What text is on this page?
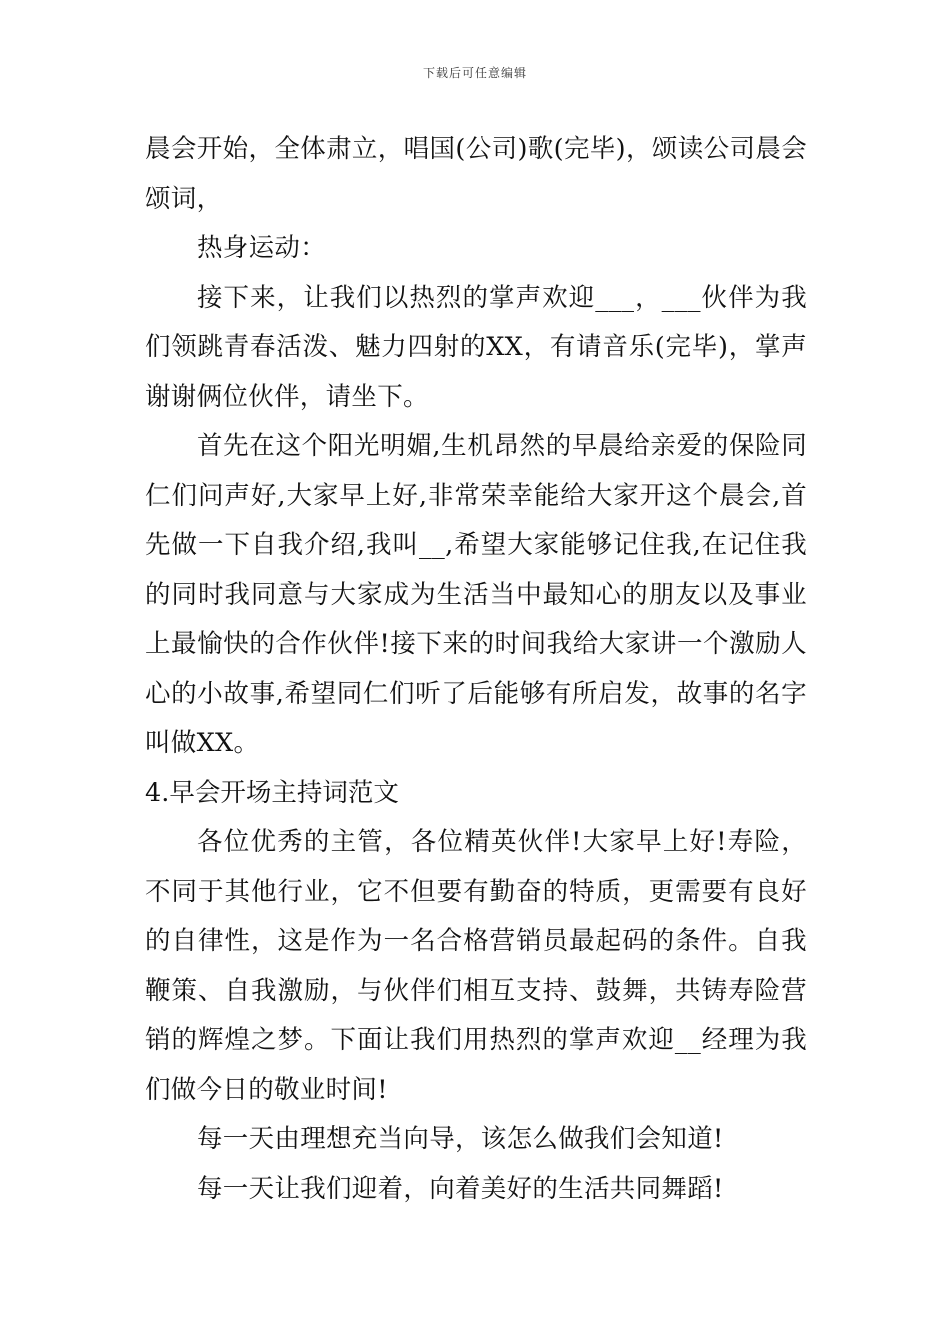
下载后可任意编辑

晨会开始，全体肃立，唱国(公司)歌(完毕)，颂读公司晨会颂词，

热身运动：

接下来，让我们以热烈的掌声欢迎___，___伙伴为我们领跳青春活泼、魅力四射的XX，有请音乐(完毕)，掌声谢谢俩位伙伴，请坐下。

首先在这个阳光明媚,生机昂然的早晨给亲爱的保险同仁们问声好,大家早上好,非常荣幸能给大家开这个晨会,首先做一下自我介绍,我叫__,希望大家能够记住我,在记住我的同时我同意与大家成为生活当中最知心的朋友以及事业上最愉快的合作伙伴!接下来的时间我给大家讲一个激励人心的小故事,希望同仁们听了后能够有所启发，故事的名字叫做XX。

4.早会开场主持词范文

各位优秀的主管，各位精英伙伴!大家早上好!寿险，不同于其他行业，它不但要有勤奋的特质，更需要有良好的自律性，这是作为一名合格营销员最起码的条件。自我鞭策、自我激励，与伙伴们相互支持、鼓舞，共铸寿险营销的辉煌之梦。下面让我们用热烈的掌声欢迎__经理为我们做今日的敬业时间!

每一天由理想充当向导，该怎么做我们会知道!

每一天让我们迎着，向着美好的生活共同舞蹈!
